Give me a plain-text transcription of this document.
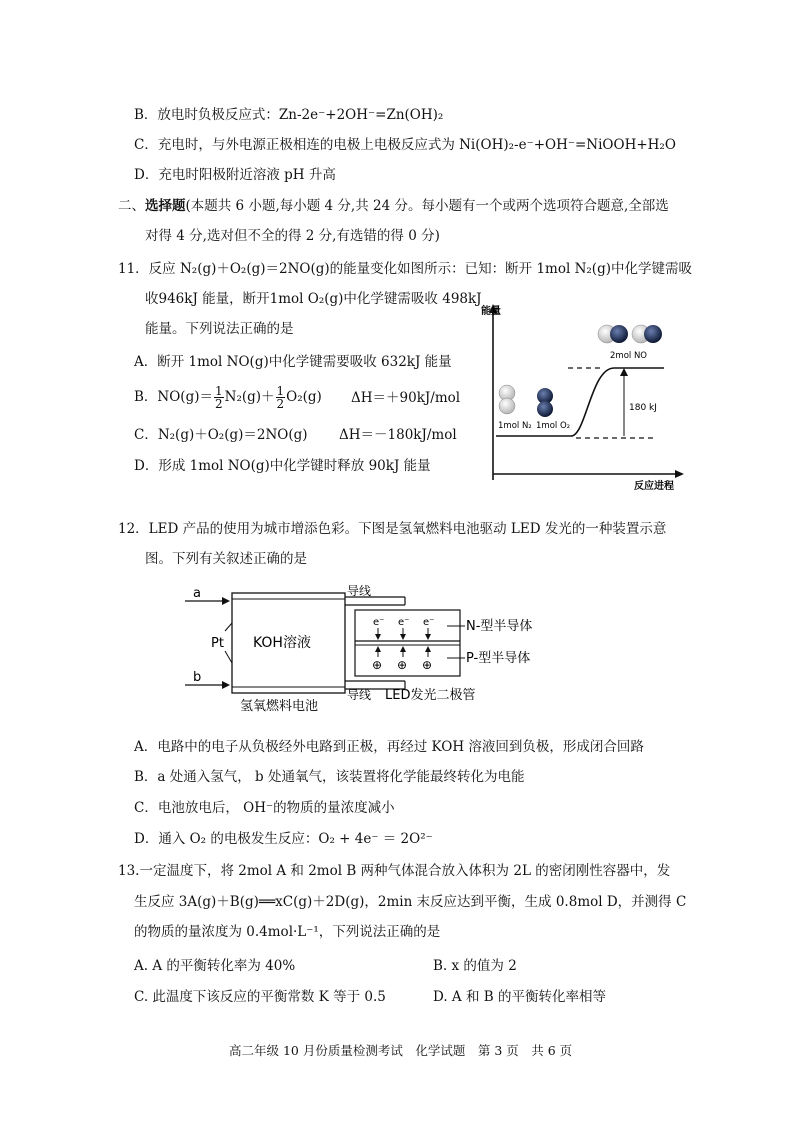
B．放电时负极反应式：Zn-2e⁻+2OH⁻=Zn(OH)₂
C．充电时，与外电源正极相连的电极上电极反应式为 Ni(OH)₂-e⁻+OH⁻=NiOOH+H₂O
D．充电时阳极附近溶液 pH 升高
二、选择题(本题共 6 小题,每小题 4 分,共 24 分。每小题有一个或两个选项符合题意,全部选
对得 4 分,选对但不全的得 2 分,有选错的得 0 分)
11．反应 N₂(g)＋O₂(g)＝2NO(g)的能量变化如图所示：已知：断开 1mol N₂(g)中化学键需吸
收946kJ 能量，断开1mol O₂(g)中化学键需吸收 498kJ
能量。下列说法正确的是
A．断开 1mol NO(g)中化学键需要吸收 632kJ 能量
B．$NO(g)= \frac{1}{2} N_2(g)+ \frac{1}{2} O_2(g)$ ΔH＝＋90kJ/mol
C．N₂(g)＋O₂(g)＝2NO(g) ΔH＝－180kJ/mol
D．形成 1mol NO(g)中化学键时释放 90kJ 能量
能量
反应进程
180 kJ
1mol N₂ 1mol O₂
2mol NO
12．LED 产品的使用为城市增添色彩。下图是氢氧燃料电池驱动 LED 发光的一种装置示意
图。下列有关叙述正确的是
a
b
Pt KOH溶液
导线
导线
e⁻ e⁻ e⁻
⊕ ⊕ ⊕
N-型半导体
P-型半导体
氢氧燃料电池
LED发光二极管
A．电路中的电子从负极经外电路到正极，再经过 KOH 溶液回到负极，形成闭合回路
B．a 处通入氢气， b 处通氧气，该装置将化学能最终转化为电能
C．电池放电后， OH⁻的物质的量浓度减小
D．通入 O₂ 的电极发生反应：O₂ + 4e⁻ ＝ 2O²⁻
13.一定温度下，将 2mol A 和 2mol B 两种气体混合放入体积为 2L 的密闭刚性容器中，发
生反应 3A(g)＋B(g)══xC(g)＋2D(g)，2min 末反应达到平衡，生成 0.8mol D，并测得 C
的物质的量浓度为 0.4mol·L⁻¹，下列说法正确的是
A. A 的平衡转化率为 40%	B. x 的值为 2
C. 此温度下该反应的平衡常数 K 等于 0.5	D. A 和 B 的平衡转化率相等
高二年级 10 月份质量检测考试　化学试题　第 3 页　共 6 页
